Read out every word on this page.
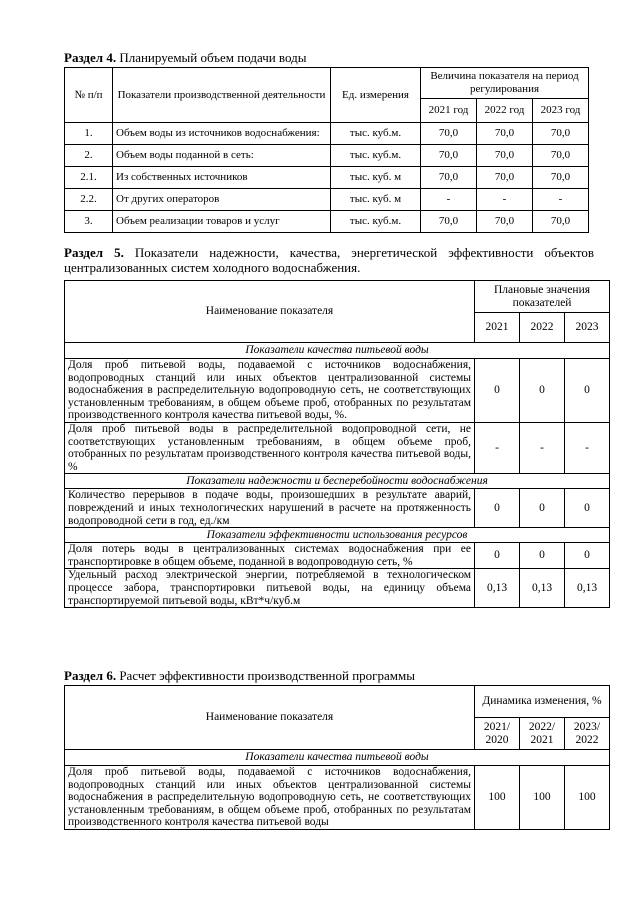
Раздел 4. Планируемый объем подачи воды
№ п/п	Показатели производственной деятельности	Ед. измерения	Величина показателя на период регулирования		
			2021 год	2022 год	2023 год
1.	Объем воды из источников водоснабжения:	тыс. куб.м.	70,0	70,0	70,0
2.	Объем воды поданной в сеть:	тыс. куб.м.	70,0	70,0	70,0
2.1.	Из собственных источников	тыс. куб. м	70,0	70,0	70,0
2.2.	От других операторов	тыс. куб. м	-	-	-
3.	Объем реализации товаров и услуг	тыс. куб.м.	70,0	70,0	70,0
Раздел 5. Показатели надежности, качества, энергетической эффективности объектов централизованных систем холодного водоснабжения.
Наименование показателя	Плановые значения показателей		
	2021	2022	2023
Показатели качества питьевой воды			
Доля проб питьевой воды, подаваемой с источников водоснабжения, водопроводных станций или иных объектов централизованной системы водоснабжения в распределительную водопроводную сеть, не соответствующих установленным требованиям, в общем объеме проб, отобранных по результатам производственного контроля качества питьевой воды, %.	0	0	0
Доля проб питьевой воды в распределительной водопроводной сети, не соответствующих установленным требованиям, в общем объеме проб, отобранных по результатам производственного контроля качества питьевой воды, %	-	-	-
Показатели надежности и бесперебойности водоснабжения			
Количество перерывов в подаче воды, произошедших в результате аварий, повреждений и иных технологических нарушений в расчете на протяженность водопроводной сети в год, ед./км	0	0	0
Показатели эффективности использования ресурсов			
Доля потерь воды в централизованных системах водоснабжения при ее транспортировке в общем объеме, поданной в водопроводную сеть, %	0	0	0
Удельный расход электрической энергии, потребляемой в технологическом процессе забора, транспортировки питьевой воды, на единицу объема транспортируемой питьевой воды, кВт*ч/куб.м	0,13	0,13	0,13
Раздел 6. Расчет эффективности производственной программы
Наименование показателя	Динамика изменения, %		
	2021/ 2020	2022/ 2021	2023/ 2022
Показатели качества питьевой воды			
Доля проб питьевой воды, подаваемой с источников водоснабжения, водопроводных станций или иных объектов централизованной системы водоснабжения в распределительную водопроводную сеть, не соответствующих установленным требованиям, в общем объеме проб, отобранных по результатам производственного контроля качества питьевой воды	100	100	100
